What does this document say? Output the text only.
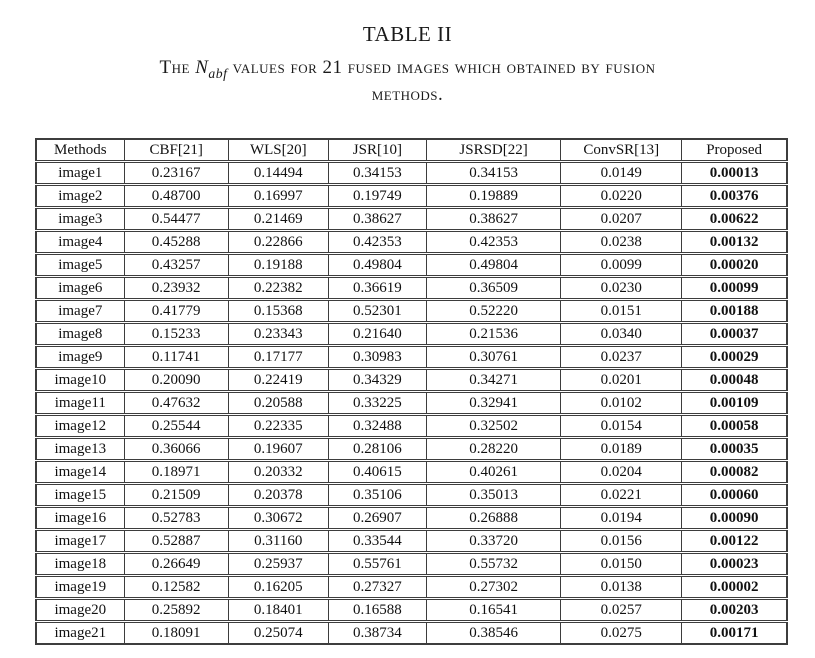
TABLE II
The $N_{abf}$ values for 21 fused images which obtained by fusion
methods.
Methods	CBF[21]	WLS[20]	JSR[10]	JSRSD[22]	ConvSR[13]	Proposed
image1	0.23167	0.14494	0.34153	0.34153	0.0149	0.00013
image2	0.48700	0.16997	0.19749	0.19889	0.0220	0.00376
image3	0.54477	0.21469	0.38627	0.38627	0.0207	0.00622
image4	0.45288	0.22866	0.42353	0.42353	0.0238	0.00132
image5	0.43257	0.19188	0.49804	0.49804	0.0099	0.00020
image6	0.23932	0.22382	0.36619	0.36509	0.0230	0.00099
image7	0.41779	0.15368	0.52301	0.52220	0.0151	0.00188
image8	0.15233	0.23343	0.21640	0.21536	0.0340	0.00037
image9	0.11741	0.17177	0.30983	0.30761	0.0237	0.00029
image10	0.20090	0.22419	0.34329	0.34271	0.0201	0.00048
image11	0.47632	0.20588	0.33225	0.32941	0.0102	0.00109
image12	0.25544	0.22335	0.32488	0.32502	0.0154	0.00058
image13	0.36066	0.19607	0.28106	0.28220	0.0189	0.00035
image14	0.18971	0.20332	0.40615	0.40261	0.0204	0.00082
image15	0.21509	0.20378	0.35106	0.35013	0.0221	0.00060
image16	0.52783	0.30672	0.26907	0.26888	0.0194	0.00090
image17	0.52887	0.31160	0.33544	0.33720	0.0156	0.00122
image18	0.26649	0.25937	0.55761	0.55732	0.0150	0.00023
image19	0.12582	0.16205	0.27327	0.27302	0.0138	0.00002
image20	0.25892	0.18401	0.16588	0.16541	0.0257	0.00203
image21	0.18091	0.25074	0.38734	0.38546	0.0275	0.00171
